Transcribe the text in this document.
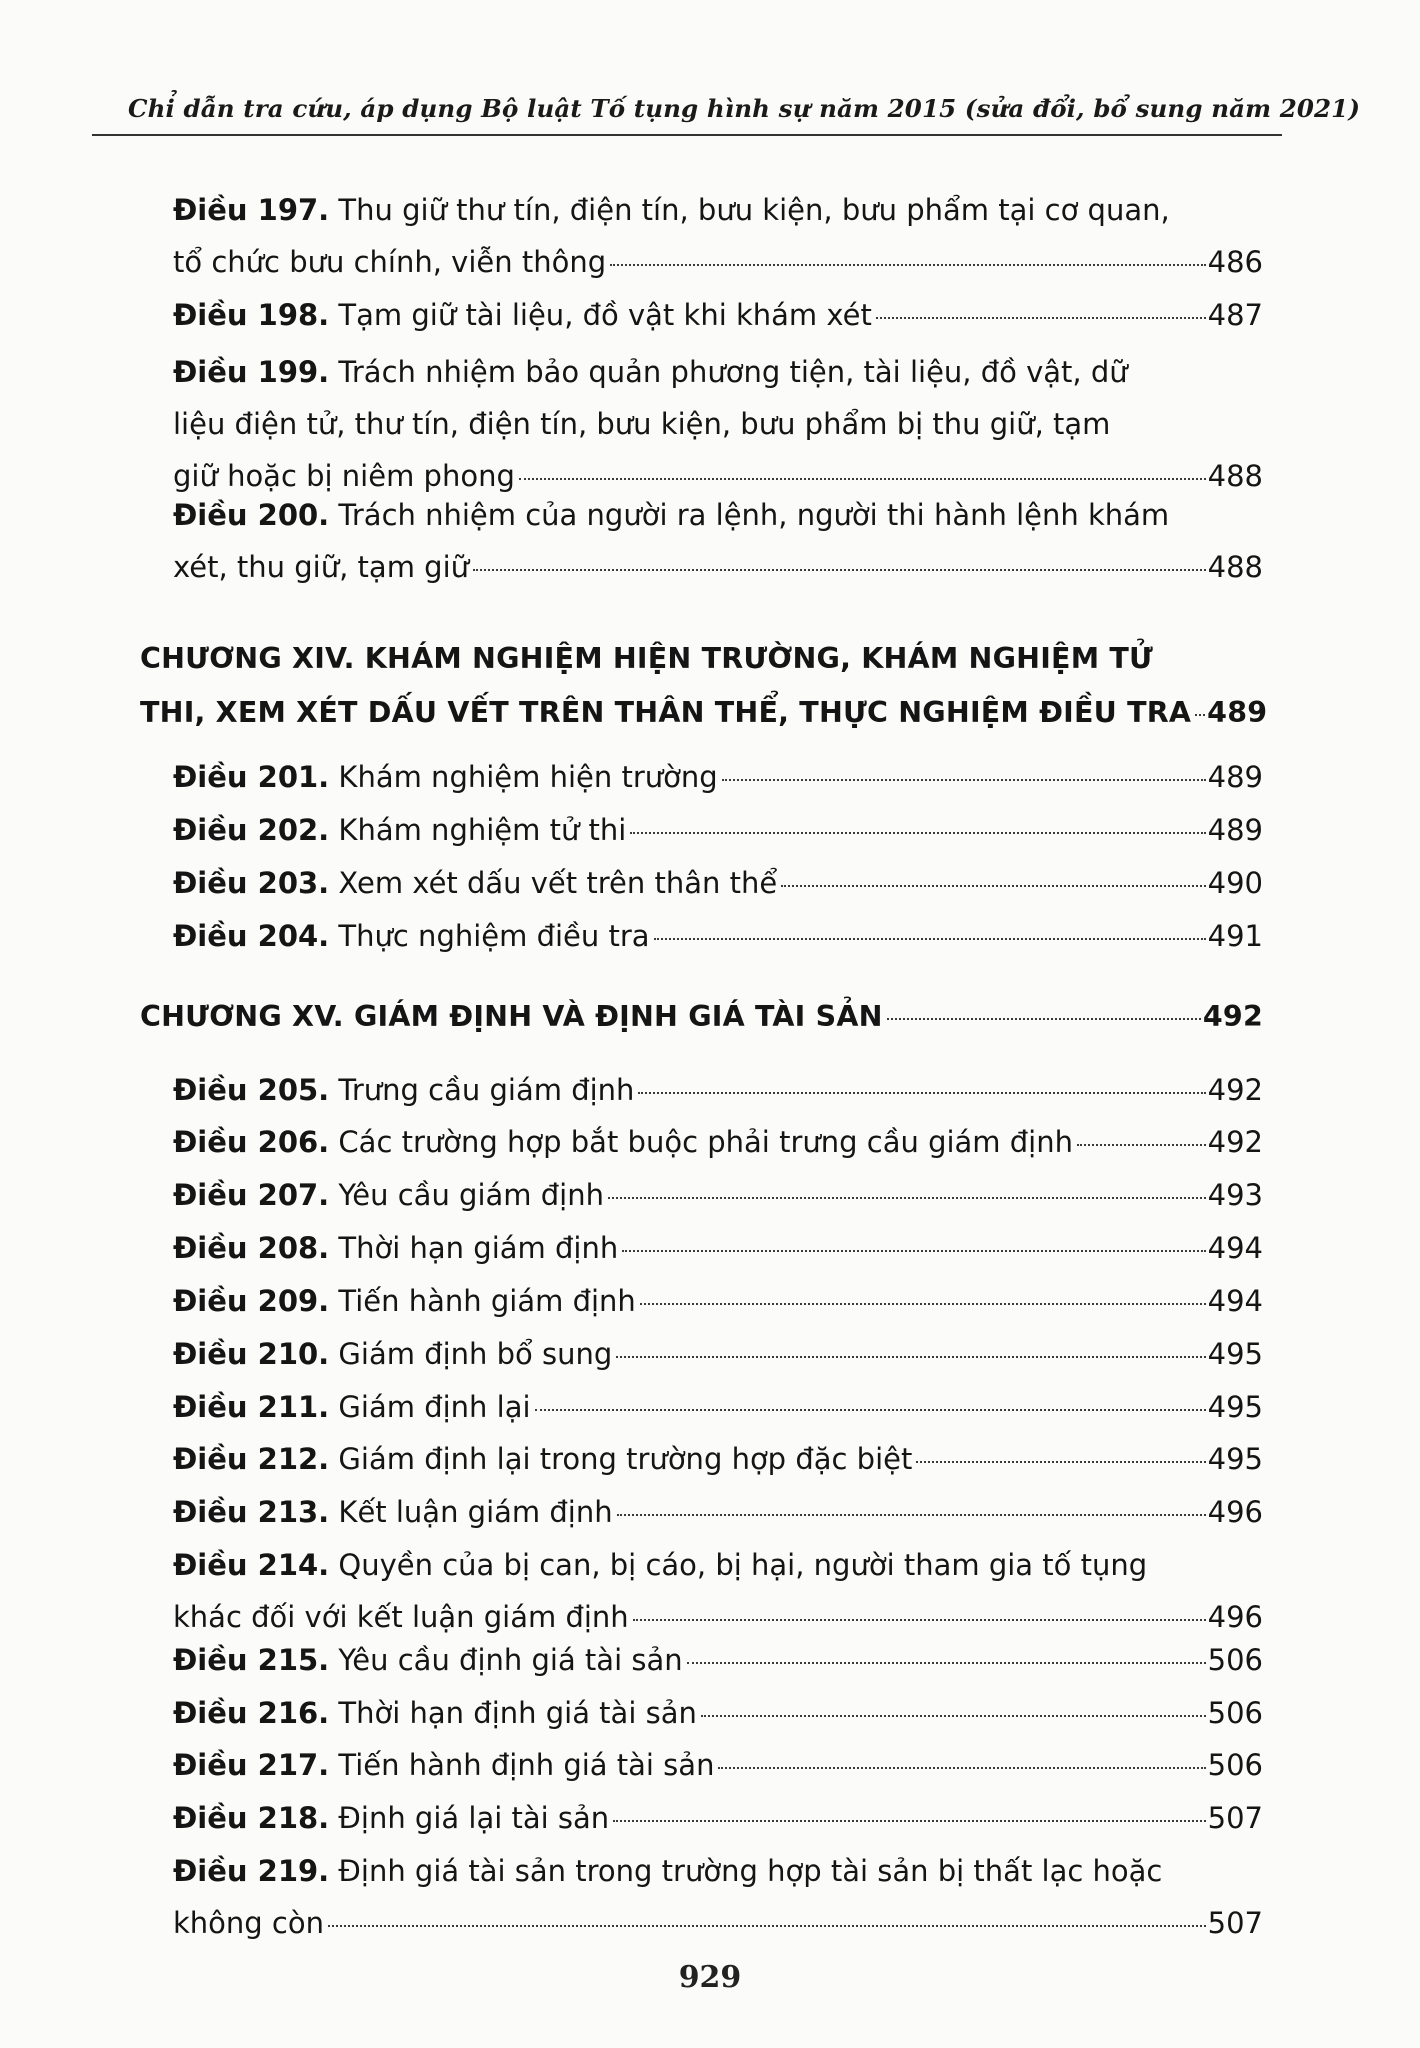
Chỉ dẫn tra cứu, áp dụng Bộ luật Tố tụng hình sự năm 2015 (sửa đổi, bổ sung năm 2021)
Điều 197. Thu giữ thư tín, điện tín, bưu kiện, bưu phẩm tại cơ quan,
tổ chức bưu chính, viễn thông	486
Điều 198. Tạm giữ tài liệu, đồ vật khi khám xét	487
Điều 199. Trách nhiệm bảo quản phương tiện, tài liệu, đồ vật, dữ
liệu điện tử, thư tín, điện tín, bưu kiện, bưu phẩm bị thu giữ, tạm
giữ hoặc bị niêm phong	488
Điều 200. Trách nhiệm của người ra lệnh, người thi hành lệnh khám
xét, thu giữ, tạm giữ	488
CHƯƠNG XIV. KHÁM NGHIỆM HIỆN TRƯỜNG, KHÁM NGHIỆM TỬ
THI, XEM XÉT DẤU VẾT TRÊN THÂN THỂ, THỰC NGHIỆM ĐIỀU TRA 489
Điều 201. Khám nghiệm hiện trường	489
Điều 202. Khám nghiệm tử thi	489
Điều 203. Xem xét dấu vết trên thân thể	490
Điều 204. Thực nghiệm điều tra	491
CHƯƠNG XV. GIÁM ĐỊNH VÀ ĐỊNH GIÁ TÀI SẢN	492
Điều 205. Trưng cầu giám định	492
Điều 206. Các trường hợp bắt buộc phải trưng cầu giám định	492
Điều 207. Yêu cầu giám định	493
Điều 208. Thời hạn giám định	494
Điều 209. Tiến hành giám định	494
Điều 210. Giám định bổ sung	495
Điều 211. Giám định lại	495
Điều 212. Giám định lại trong trường hợp đặc biệt	495
Điều 213. Kết luận giám định	496
Điều 214. Quyền của bị can, bị cáo, bị hại, người tham gia tố tụng
khác đối với kết luận giám định	496
Điều 215. Yêu cầu định giá tài sản	506
Điều 216. Thời hạn định giá tài sản	506
Điều 217. Tiến hành định giá tài sản	506
Điều 218. Định giá lại tài sản	507
Điều 219. Định giá tài sản trong trường hợp tài sản bị thất lạc hoặc
không còn	507
929
